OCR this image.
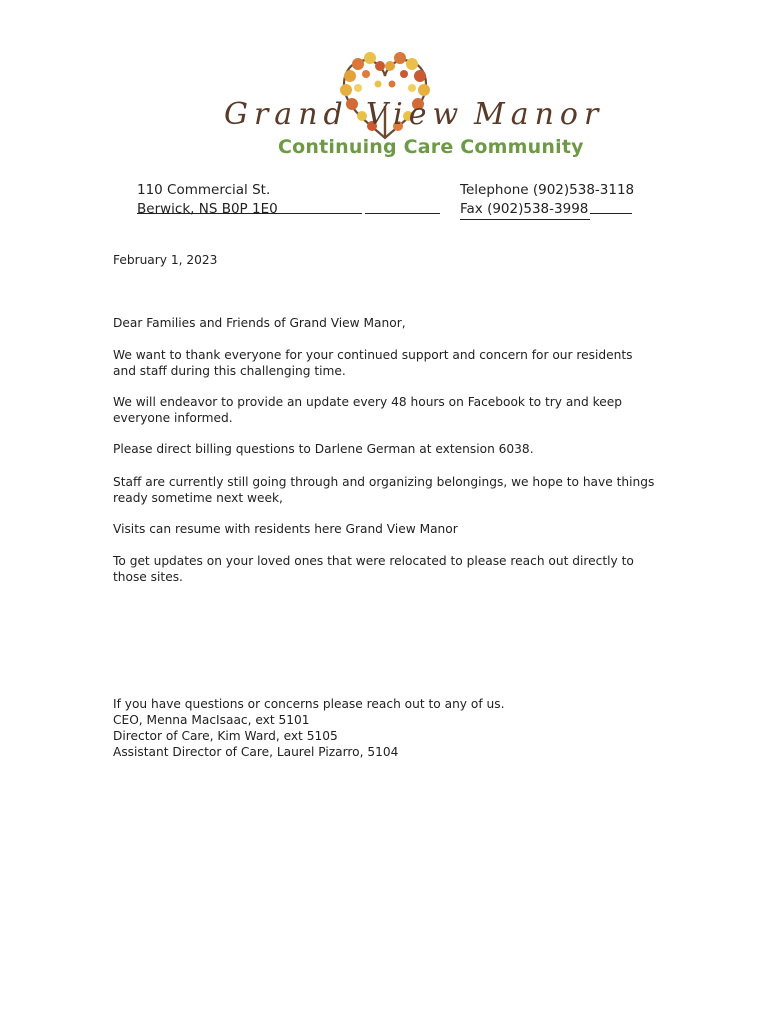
Grand View Manor
Continuing Care Community
110 Commercial St.
Berwick, NS B0P 1E0
Telephone (902)538-3118
Fax (902)538-3998

February 1, 2023

Dear Families and Friends of Grand View Manor,

We want to thank everyone for your continued support and concern for our residents and staff during this challenging time.

We will endeavor to provide an update every 48 hours on Facebook to try and keep everyone informed.

Please direct billing questions to Darlene German at extension 6038.

Staff are currently still going through and organizing belongings, we hope to have things ready sometime next week,

Visits can resume with residents here Grand View Manor

To get updates on your loved ones that were relocated to please reach out directly to those sites.

If you have questions or concerns please reach out to any of us.
CEO, Menna MacIsaac, ext 5101
Director of Care, Kim Ward, ext 5105
Assistant Director of Care, Laurel Pizarro, 5104
